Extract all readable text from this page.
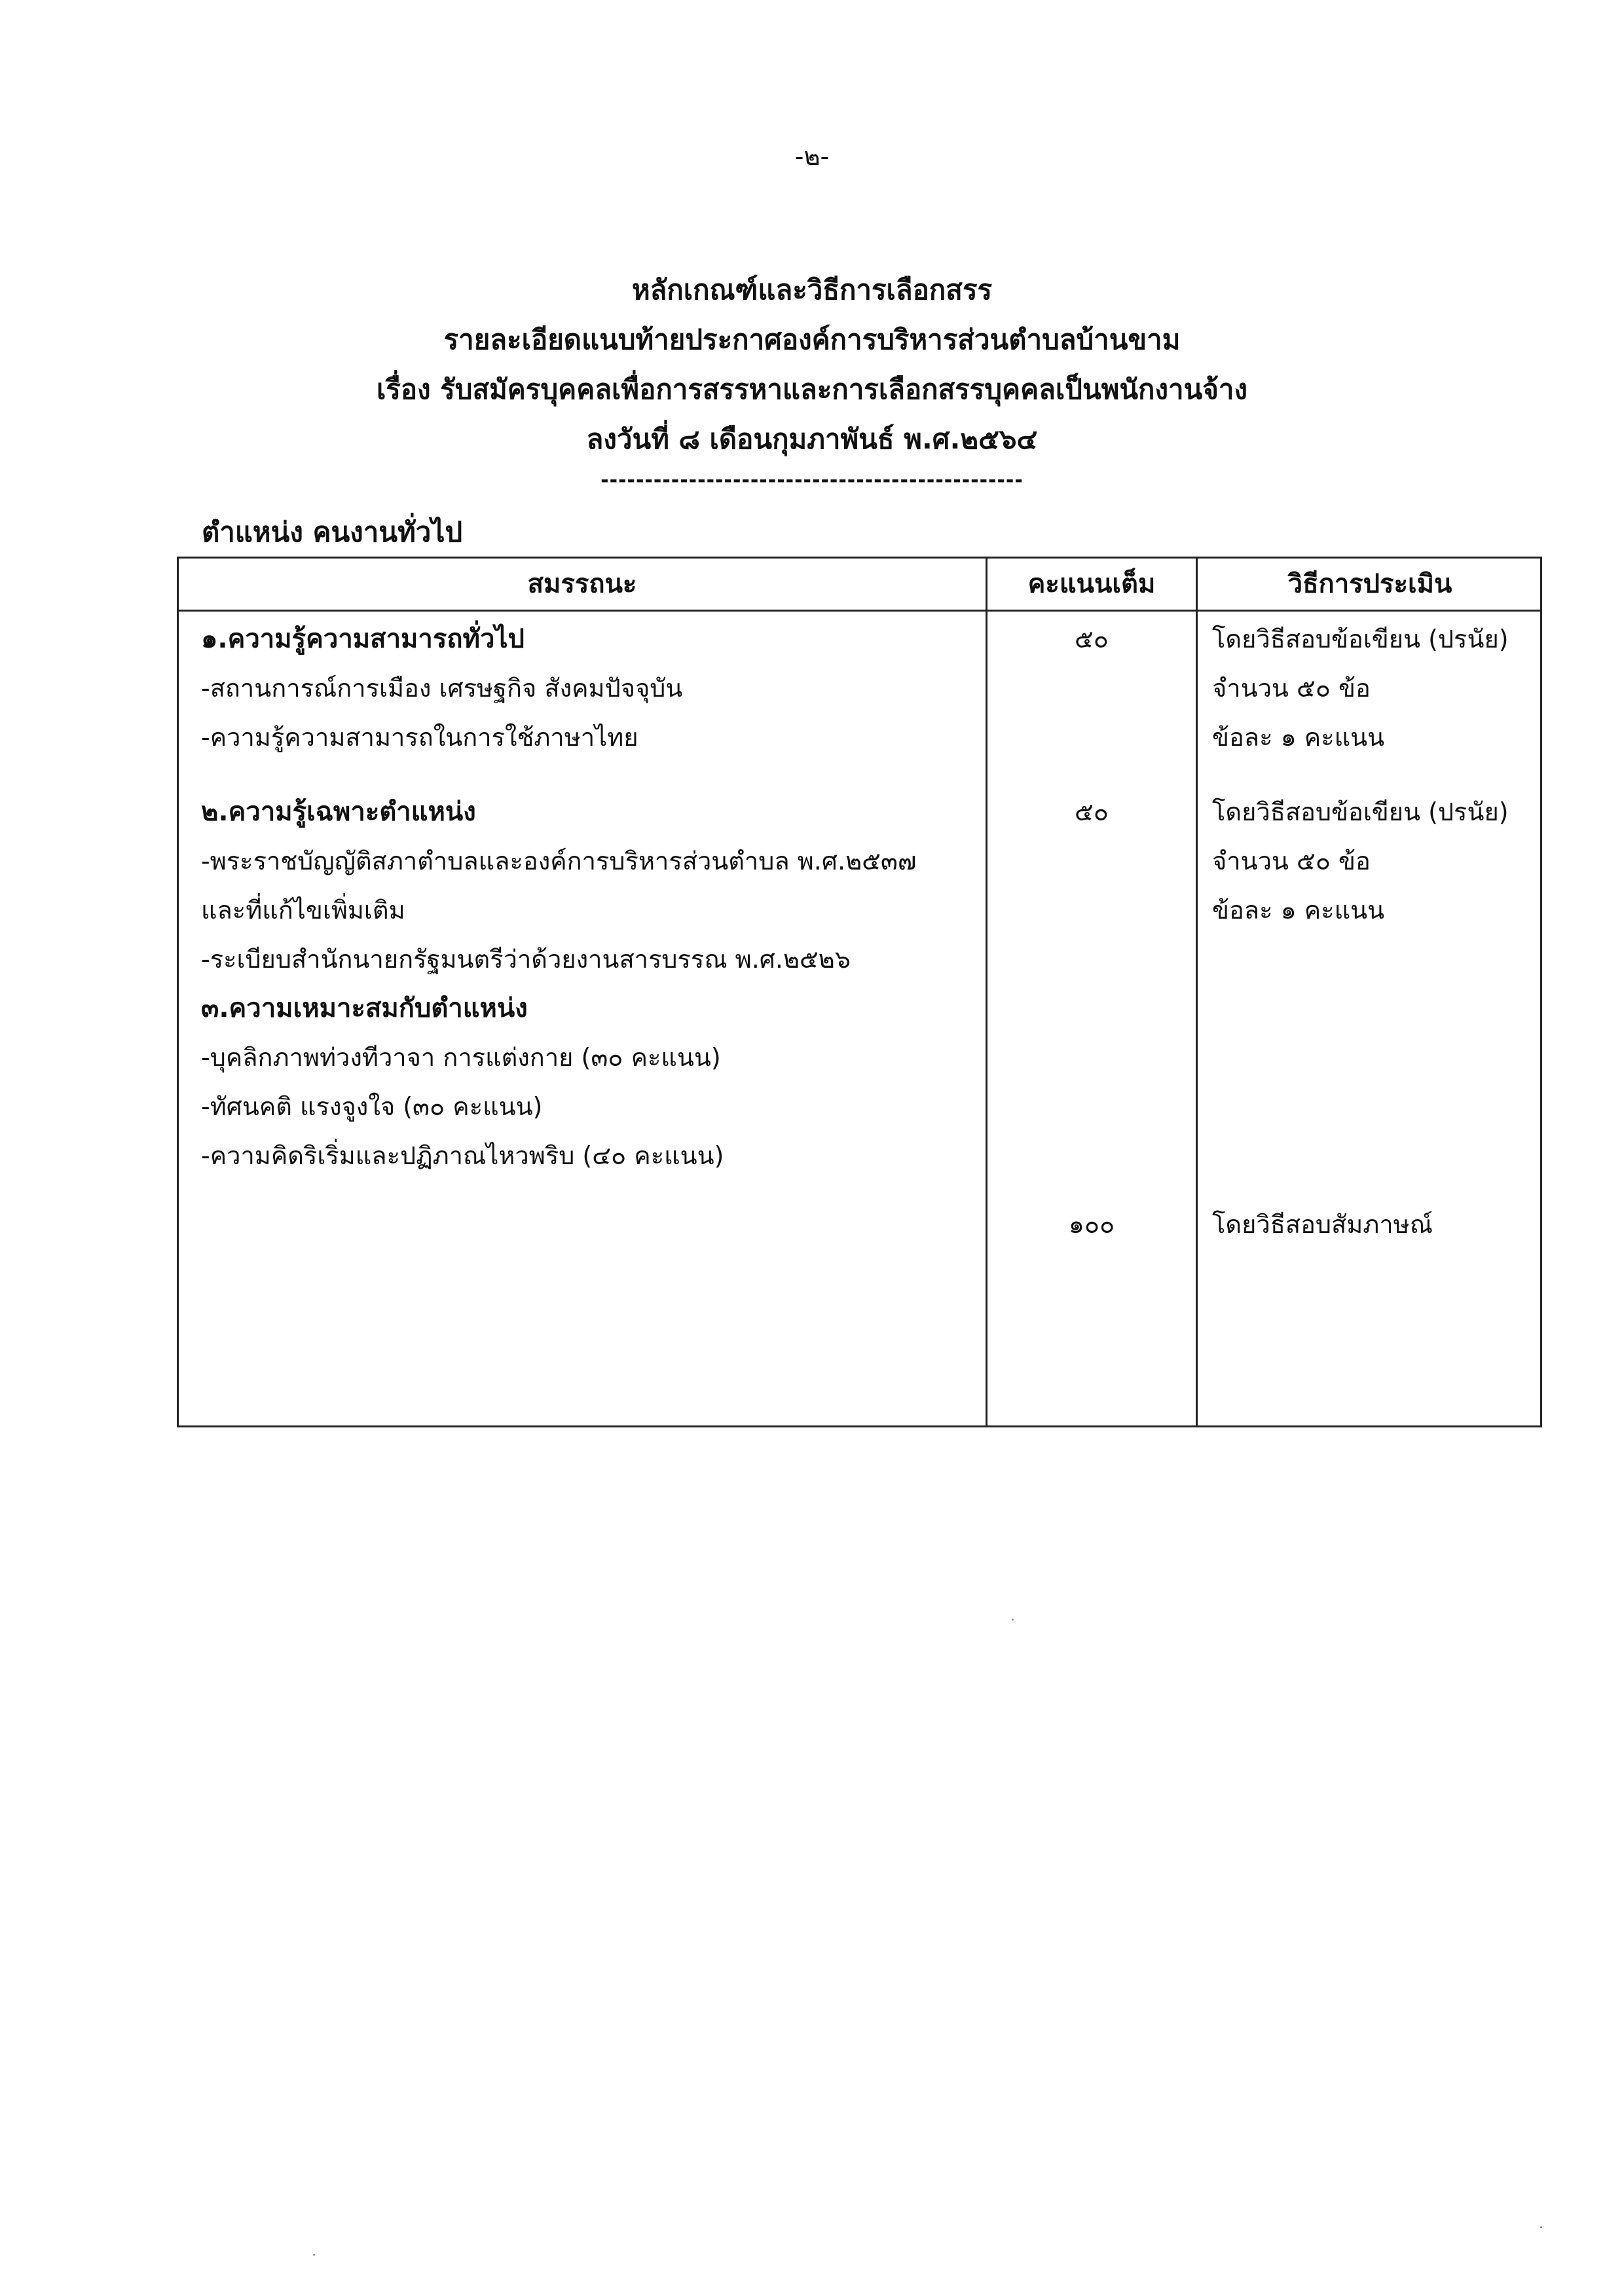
-๒-
หลักเกณฑ์และวิธีการเลือกสรร
รายละเอียดแนบท้ายประกาศองค์การบริหารส่วนตำบลบ้านขาม
เรื่อง รับสมัครบุคคลเพื่อการสรรหาและการเลือกสรรบุคคลเป็นพนักงานจ้าง
ลงวันที่ ๘ เดือนกุมภาพันธ์ พ.ศ.๒๕๖๔
------------------------------------------------
ตำแหน่ง คนงานทั่วไป
สมรรถนะ	คะแนนเต็ม	วิธีการประเมิน
๑.ความรู้ความสามารถทั่วไป
-สถานการณ์การเมือง เศรษฐกิจ สังคมปัจจุบัน
-ความรู้ความสามารถในการใช้ภาษาไทย
๕๐	โดยวิธีสอบข้อเขียน (ปรนัย)
จำนวน ๕๐ ข้อ
ข้อละ ๑ คะแนน
๒.ความรู้เฉพาะตำแหน่ง
-พระราชบัญญัติสภาตำบลและองค์การบริหารส่วนตำบล พ.ศ.๒๕๓๗
และที่แก้ไขเพิ่มเติม
-ระเบียบสำนักนายกรัฐมนตรีว่าด้วยงานสารบรรณ พ.ศ.๒๕๒๖
๕๐	โดยวิธีสอบข้อเขียน (ปรนัย)
จำนวน ๕๐ ข้อ
ข้อละ ๑ คะแนน
๓.ความเหมาะสมกับตำแหน่ง
-บุคลิกภาพท่วงทีวาจา การแต่งกาย (๓๐ คะแนน)
-ทัศนคติ แรงจูงใจ (๓๐ คะแนน)
-ความคิดริเริ่มและปฏิภาณไหวพริบ (๔๐ คะแนน)
๑๐๐	โดยวิธีสอบสัมภาษณ์
